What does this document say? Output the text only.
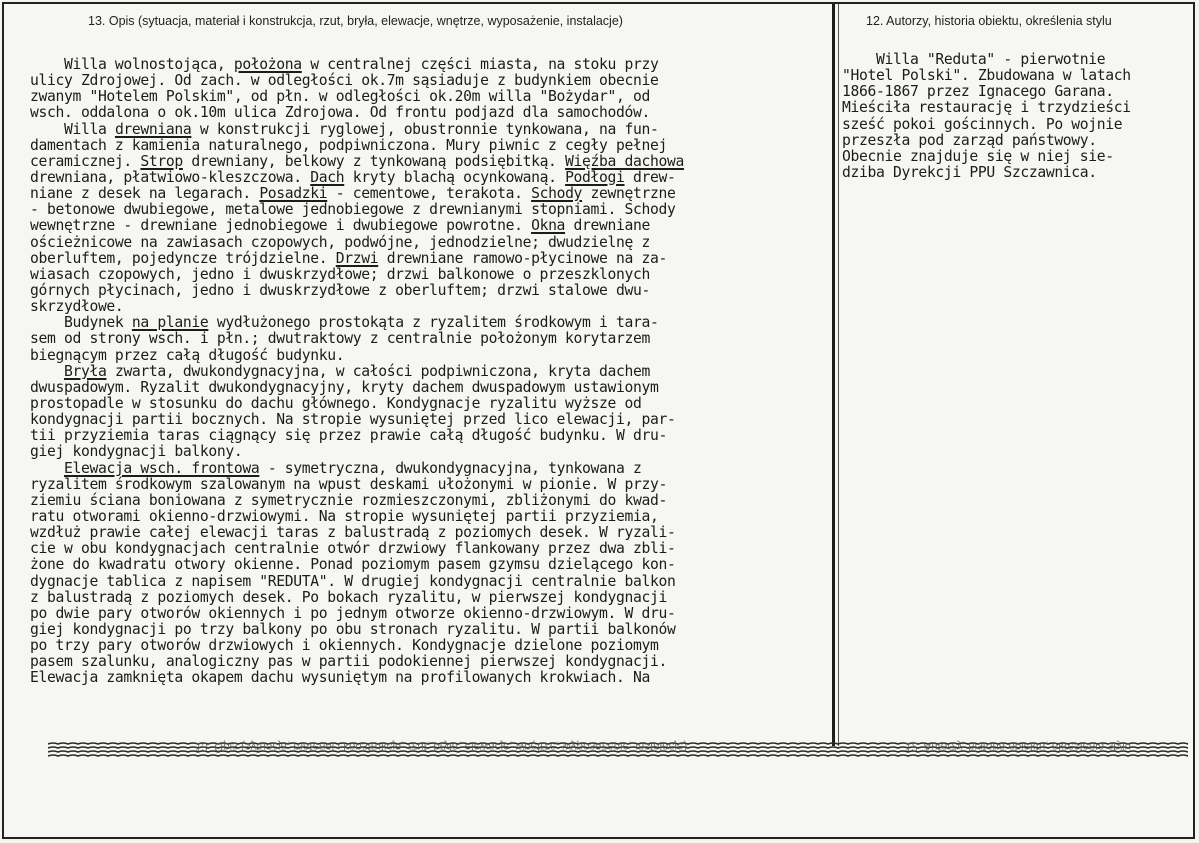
13. Opis (sytuacja, materiał i konstrukcja, rzut, bryła, elewacje, wnętrze, wyposażenie, instalacje)	12. Autorzy, historia obiektu, określenia stylu
Willa wolnostojąca, położona w centralnej części miasta, na stoku przy
ulicy Zdrojowej. Od zach. w odległości ok.7m sąsiaduje z budynkiem obecnie
zwanym "Hotelem Polskim", od płn. w odległości ok.20m willa "Bożydar", od
wsch. oddalona o ok.10m ulica Zdrojowa. Od frontu podjazd dla samochodów.
Willa drewniana w konstrukcji ryglowej, obustronnie tynkowana, na fun-
damentach z kamienia naturalnego, podpiwniczona. Mury piwnic z cegły pełnej
ceramicznej. Strop drewniany, belkowy z tynkowaną podsiębitką. Więźba dachowa
drewniana, płatwiowo-kleszczowa. Dach kryty blachą ocynkowaną. Podłogi drew-
niane z desek na legarach. Posadzki - cementowe, terakota. Schody zewnętrzne
- betonowe dwubiegowe, metalowe jednobiegowe z drewnianymi stopniami. Schody
wewnętrzne - drewniane jednobiegowe i dwubiegowe powrotne. Okna drewniane
ościeżnicowe na zawiasach czopowych, podwójne, jednodzielne; dwudzielnę z
oberluftem, pojedyncze trójdzielne. Drzwi drewniane ramowo-płycinowe na za-
wiasach czopowych, jedno i dwuskrzydłowe; drzwi balkonowe o przeszklonych
górnych płycinach, jedno i dwuskrzydłowe z oberluftem; drzwi stalowe dwu-
skrzydłowe.
Budynek na planie wydłużonego prostokąta z ryzalitem środkowym i tara-
sem od strony wsch. i płn.; dwutraktowy z centralnie położonym korytarzem
biegnącym przez całą długość budynku.
Bryła zwarta, dwukondygnacyjna, w całości podpiwniczona, kryta dachem
dwuspadowym. Ryzalit dwukondygnacyjny, kryty dachem dwuspadowym ustawionym
prostopadle w stosunku do dachu głównego. Kondygnacje ryzalitu wyższe od
kondygnacji partii bocznych. Na stropie wysuniętej przed lico elewacji, par-
tii przyziemia taras ciągnący się przez prawie całą długość budynku. W dru-
giej kondygnacji balkony.
Elewacja wsch. frontowa - symetryczna, dwukondygnacyjna, tynkowana z
ryzalitem środkowym szalowanym na wpust deskami ułożonymi w pionie. W przy-
ziemiu ściana boniowana z symetrycznie rozmieszczonymi, zbliżonymi do kwad-
ratu otworami okienno-drzwiowymi. Na stropie wysuniętej partii przyziemia,
wzdłuż prawie całej elewacji taras z balustradą z poziomych desek. W ryzali-
cie w obu kondygnacjach centralnie otwór drzwiowy flankowany przez dwa zbli-
żone do kwadratu otwory okienne. Ponad poziomym pasem gzymsu dzielącego kon-
dygnacje tablica z napisem "REDUTA". W drugiej kondygnacji centralnie balkon
z balustradą z poziomych desek. Po bokach ryzalitu, w pierwszej kondygnacji
po dwie pary otworów okiennych i po jednym otworze okienno-drzwiowym. W dru-
giej kondygnacji po trzy balkony po obu stronach ryzalitu. W partii balkonów
po trzy pary otworów drzwiowych i okiennych. Kondygnacje dzielone poziomym
pasem szalunku, analogiczny pas w partii podokiennej pierwszej kondygnacji.
Elewacja zamknięta okapem dachu wysuniętym na profilowanych krokwiach. Na
Willa "Reduta" - pierwotnie
"Hotel Polski". Zbudowana w latach
1866-1867 przez Ignacego Garana.
Mieściła restaurację i trzydzieści
sześć pokoi gościnnych. Po wojnie
przeszła pod zarząd państwowy.
Obecnie znajduje się w niej sie-
dziba Dyrekcji PPU Szczawnica.
13. Opis (sytuacja, materiał i konstrukcja, rzut, bryła, elewacje, wnętrze, wyposażenie, instalacje)	12. Autorzy, historia obiektu, określenia stylu
